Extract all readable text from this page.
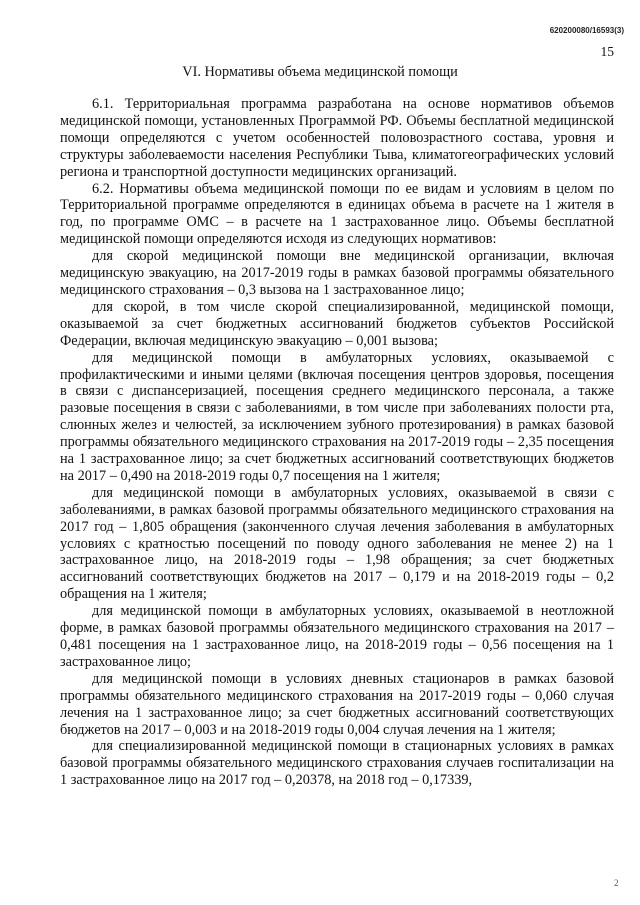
620200080/16593(3)
15
VI. Нормативы объема медицинской помощи

6.1. Территориальная программа разработана на основе нормативов объемов медицинской помощи, установленных Программой РФ. Объемы бесплатной медицинской помощи определяются с учетом особенностей половозрастного состава, уровня и структуры заболеваемости населения Республики Тыва, климатогеографических условий региона и транспортной доступности медицинских организаций.

6.2. Нормативы объема медицинской помощи по ее видам и условиям в целом по Территориальной программе определяются в единицах объема в расчете на 1 жителя в год, по программе ОМС – в расчете на 1 застрахованное лицо. Объемы бесплатной медицинской помощи определяются исходя из следующих нормативов:

для скорой медицинской помощи вне медицинской организации, включая медицинскую эвакуацию, на 2017-2019 годы в рамках базовой программы обязательного медицинского страхования – 0,3 вызова на 1 застрахованное лицо;

для скорой, в том числе скорой специализированной, медицинской помощи, оказываемой за счет бюджетных ассигнований бюджетов субъектов Российской Федерации, включая медицинскую эвакуацию – 0,001 вызова;

для медицинской помощи в амбулаторных условиях, оказываемой с профилактическими и иными целями (включая посещения центров здоровья, посещения в связи с диспансеризацией, посещения среднего медицинского персонала, а также разовые посещения в связи с заболеваниями, в том числе при заболеваниях полости рта, слюнных желез и челюстей, за исключением зубного протезирования) в рамках базовой программы обязательного медицинского страхования на 2017-2019 годы – 2,35 посещения на 1 застрахованное лицо; за счет бюджетных ассигнований соответствующих бюджетов на 2017 – 0,490 на 2018-2019 годы 0,7 посещения на 1 жителя;

для медицинской помощи в амбулаторных условиях, оказываемой в связи с заболеваниями, в рамках базовой программы обязательного медицинского страхования на 2017 год – 1,805 обращения (законченного случая лечения заболевания в амбулаторных условиях с кратностью посещений по поводу одного заболевания не менее 2) на 1 застрахованное лицо, на 2018-2019 годы – 1,98 обращения; за счет бюджетных ассигнований соответствующих бюджетов на 2017 – 0,179 и на 2018-2019 годы – 0,2 обращения на 1 жителя;

для медицинской помощи в амбулаторных условиях, оказываемой в неотложной форме, в рамках базовой программы обязательного медицинского страхования на 2017 – 0,481 посещения на 1 застрахованное лицо, на 2018-2019 годы – 0,56 посещения на 1 застрахованное лицо;

для медицинской помощи в условиях дневных стационаров в рамках базовой программы обязательного медицинского страхования на 2017-2019 годы – 0,060 случая лечения на 1 застрахованное лицо; за счет бюджетных ассигнований соответствующих бюджетов на 2017 – 0,003 и на 2018-2019 годы 0,004 случая лечения на 1 жителя;

для специализированной медицинской помощи в стационарных условиях в рамках базовой программы обязательного медицинского страхования случаев госпитализации на 1 застрахованное лицо на 2017 год – 0,20378, на 2018 год – 0,17339,

2
